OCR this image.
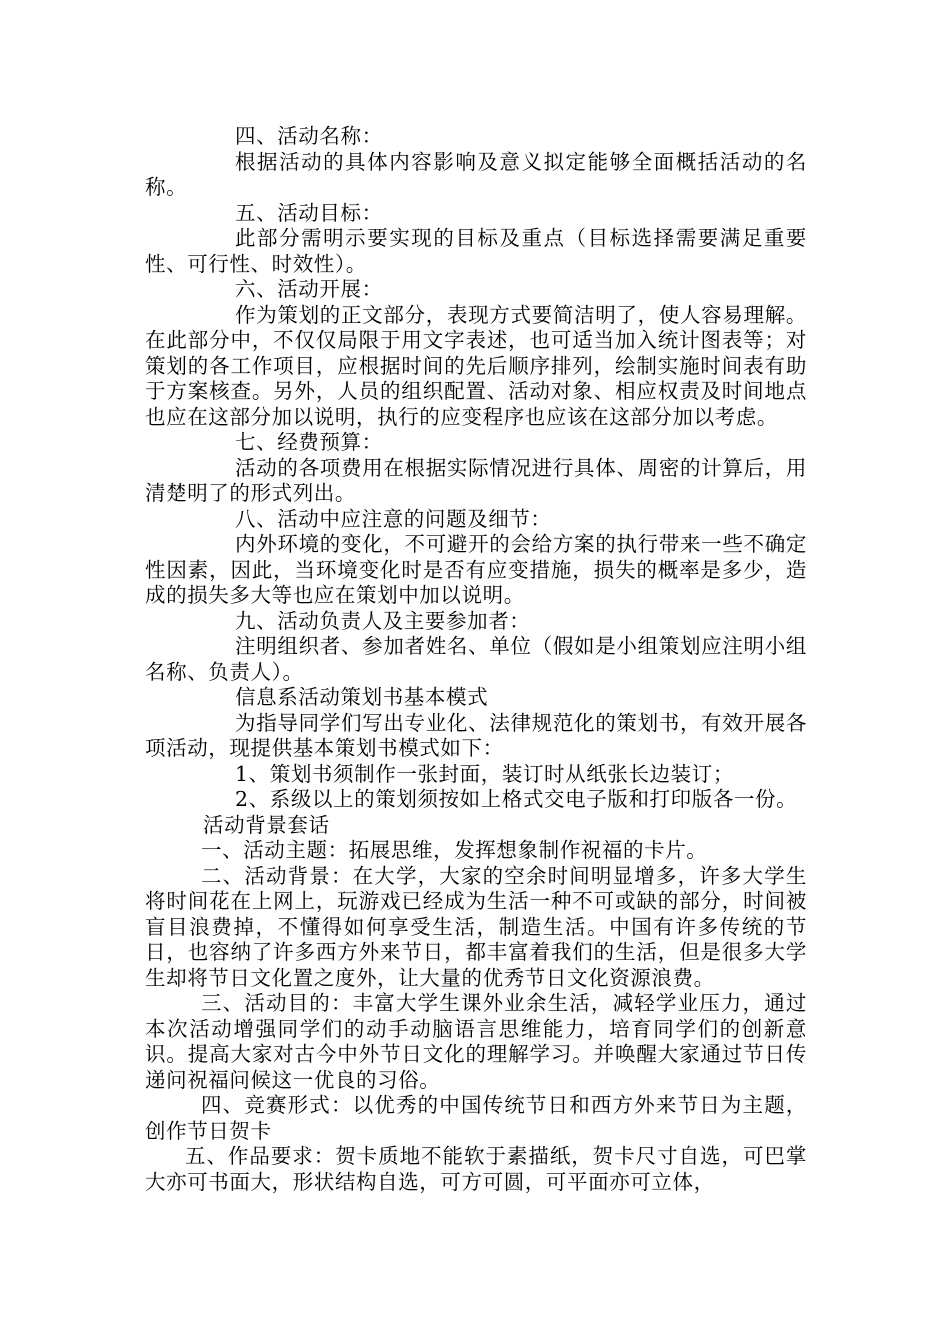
四、活动名称：

根据活动的具体内容影响及意义拟定能够全面概括活动的名称。

五、活动目标：

此部分需明示要实现的目标及重点（目标选择需要满足重要性、可行性、时效性）。

六、活动开展：

作为策划的正文部分，表现方式要简洁明了，使人容易理解。在此部分中，不仅仅局限于用文字表述，也可适当加入统计图表等；对策划的各工作项目，应根据时间的先后顺序排列，绘制实施时间表有助于方案核查。另外，人员的组织配置、活动对象、相应权责及时间地点也应在这部分加以说明，执行的应变程序也应该在这部分加以考虑。

七、经费预算：

活动的各项费用在根据实际情况进行具体、周密的计算后，用清楚明了的形式列出。

八、活动中应注意的问题及细节：

内外环境的变化，不可避开的会给方案的执行带来一些不确定性因素，因此，当环境变化时是否有应变措施，损失的概率是多少，造成的损失多大等也应在策划中加以说明。

九、活动负责人及主要参加者：

注明组织者、参加者姓名、单位（假如是小组策划应注明小组名称、负责人）。

信息系活动策划书基本模式

为指导同学们写出专业化、法律规范化的策划书，有效开展各项活动，现提供基本策划书模式如下：

1、策划书须制作一张封面，装订时从纸张长边装订；

2、系级以上的策划须按如上格式交电子版和打印版各一份。

活动背景套话

一、活动主题：拓展思维，发挥想象制作祝福的卡片。

二、活动背景：在大学，大家的空余时间明显增多，许多大学生将时间花在上网上，玩游戏已经成为生活一种不可或缺的部分，时间被盲目浪费掉，不懂得如何享受生活，制造生活。中国有许多传统的节日，也容纳了许多西方外来节日，都丰富着我们的生活，但是很多大学生却将节日文化置之度外，让大量的优秀节日文化资源浪费。

三、活动目的：丰富大学生课外业余生活，减轻学业压力，通过本次活动增强同学们的动手动脑语言思维能力，培育同学们的创新意识。提高大家对古今中外节日文化的理解学习。并唤醒大家通过节日传递问祝福问候这一优良的习俗。

四、竞赛形式：以优秀的中国传统节日和西方外来节日为主题，创作节日贺卡

五、作品要求：贺卡质地不能软于素描纸，贺卡尺寸自选，可巴掌大亦可书面大，形状结构自选，可方可圆，可平面亦可立体，
